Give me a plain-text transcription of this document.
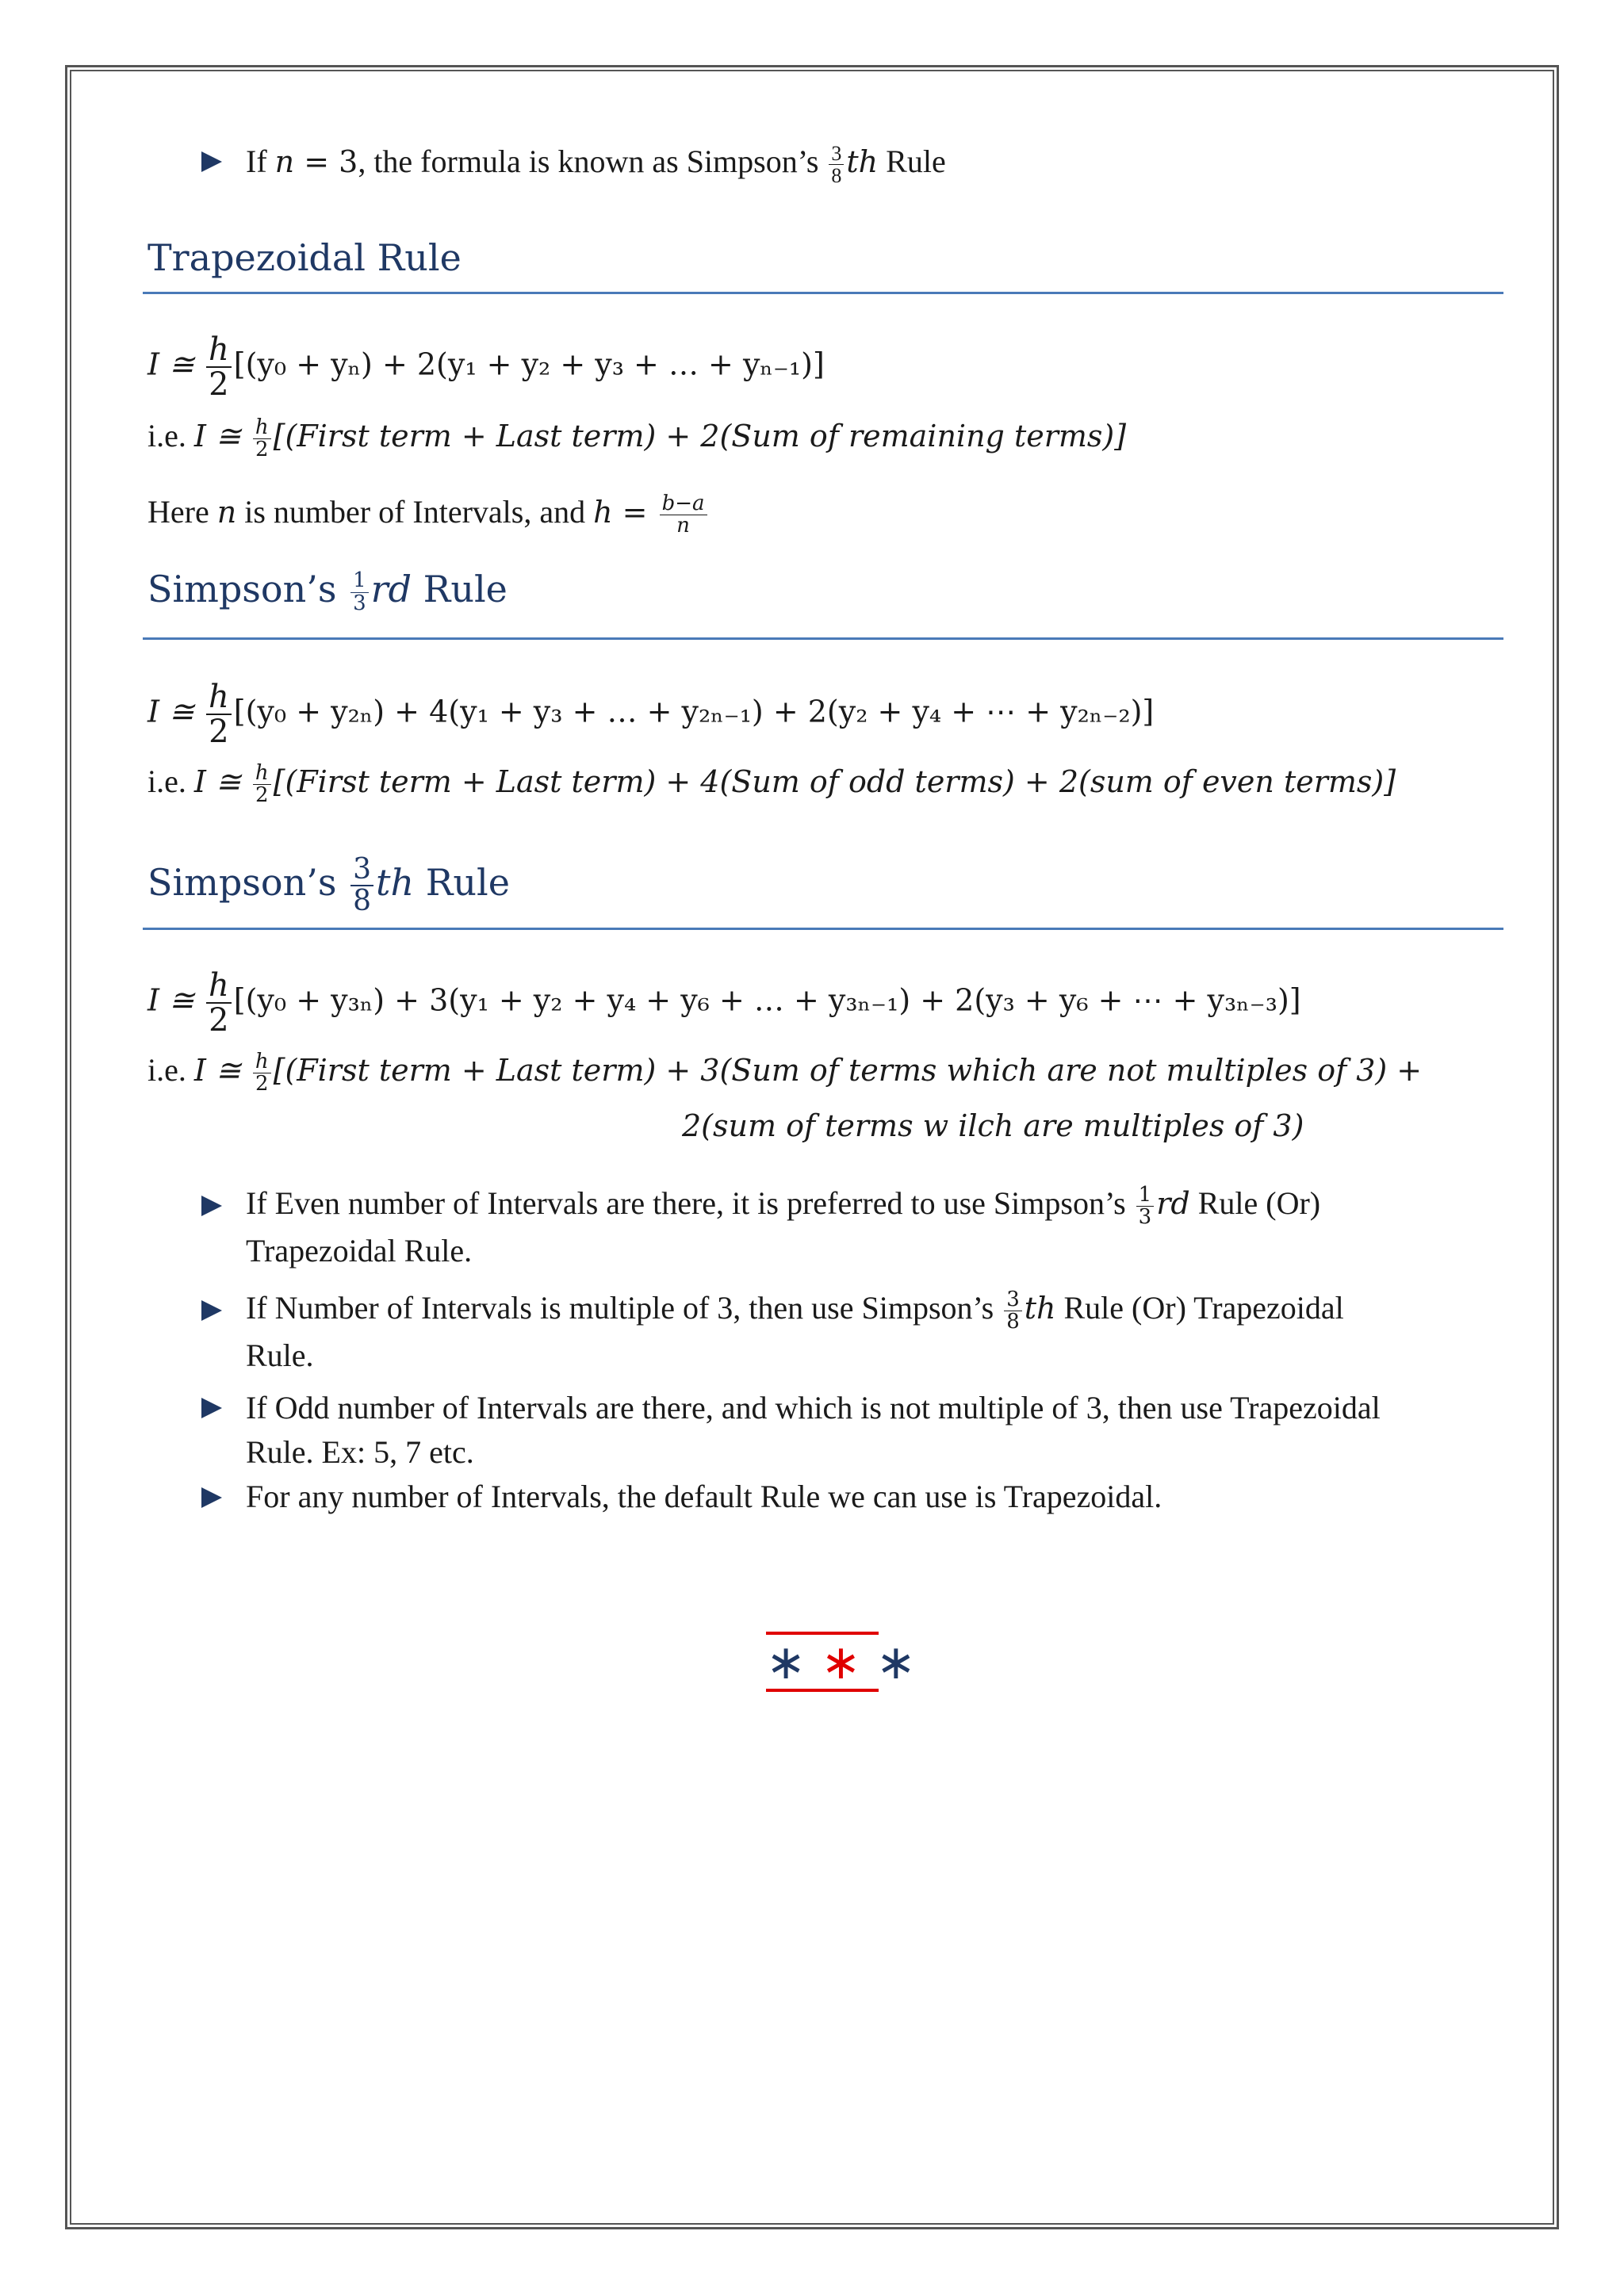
If n = 3, the formula is known as Simpson’s $\frac{3}{8}$ th Rule
Trapezoidal Rule
I ≅ $\frac{h}{2} [(y_0 + y_n) + 2(y_1 + y_2 + y_3$ + … + yₙ₋₁)]
i.e. I ≅ $\frac{h}{2}$ [(First term + Last term) + 2(Sum of remaining terms)]
Here n is number of Intervals, and $h = \frac{b-a}{n}$
Simpson’s $\frac{1}{3}$ rd Rule
I ≅ $\frac{h}{2} [(y_0 + y_{2n}) + 4(y_1 + y_3$ + … + y₂ₙ₋₁) + 2(y₂ + y₄ + ⋯ + y₂ₙ₋₂)]
i.e. I ≅ $\frac{h}{2}$ [(First term + Last term) + 4(Sum of odd terms) + 2(sum of even terms)]
Simpson’s $\frac{3}{8}$ th Rule
I ≅ $\frac{h}{2} [(y_0 + y_{3n}) + 3(y_1 + y_2 + y_4 + y_6$ + … + y₃ₙ₋₁) + 2(y₃ + y₆ + ⋯ + y₃ₙ₋₃)]
i.e. I ≅ $\frac{h}{2}$ [(First term + Last term) + 3(Sum of terms which are not multiples of 3) +
2(sum of terms w ilch are multiples of 3)
If Even number of Intervals are there, it is preferred to use Simpson’s $\frac{1}{3}$ rd Rule (Or)
Trapezoidal Rule.
If Number of Intervals is multiple of 3, then use Simpson’s $\frac{3}{8}$ th Rule (Or) Trapezoidal
Rule.
If Odd number of Intervals are there, and which is not multiple of 3, then use Trapezoidal
Rule. Ex: 5, 7 etc.
For any number of Intervals, the default Rule we can use is Trapezoidal.
∗ ∗ ∗
